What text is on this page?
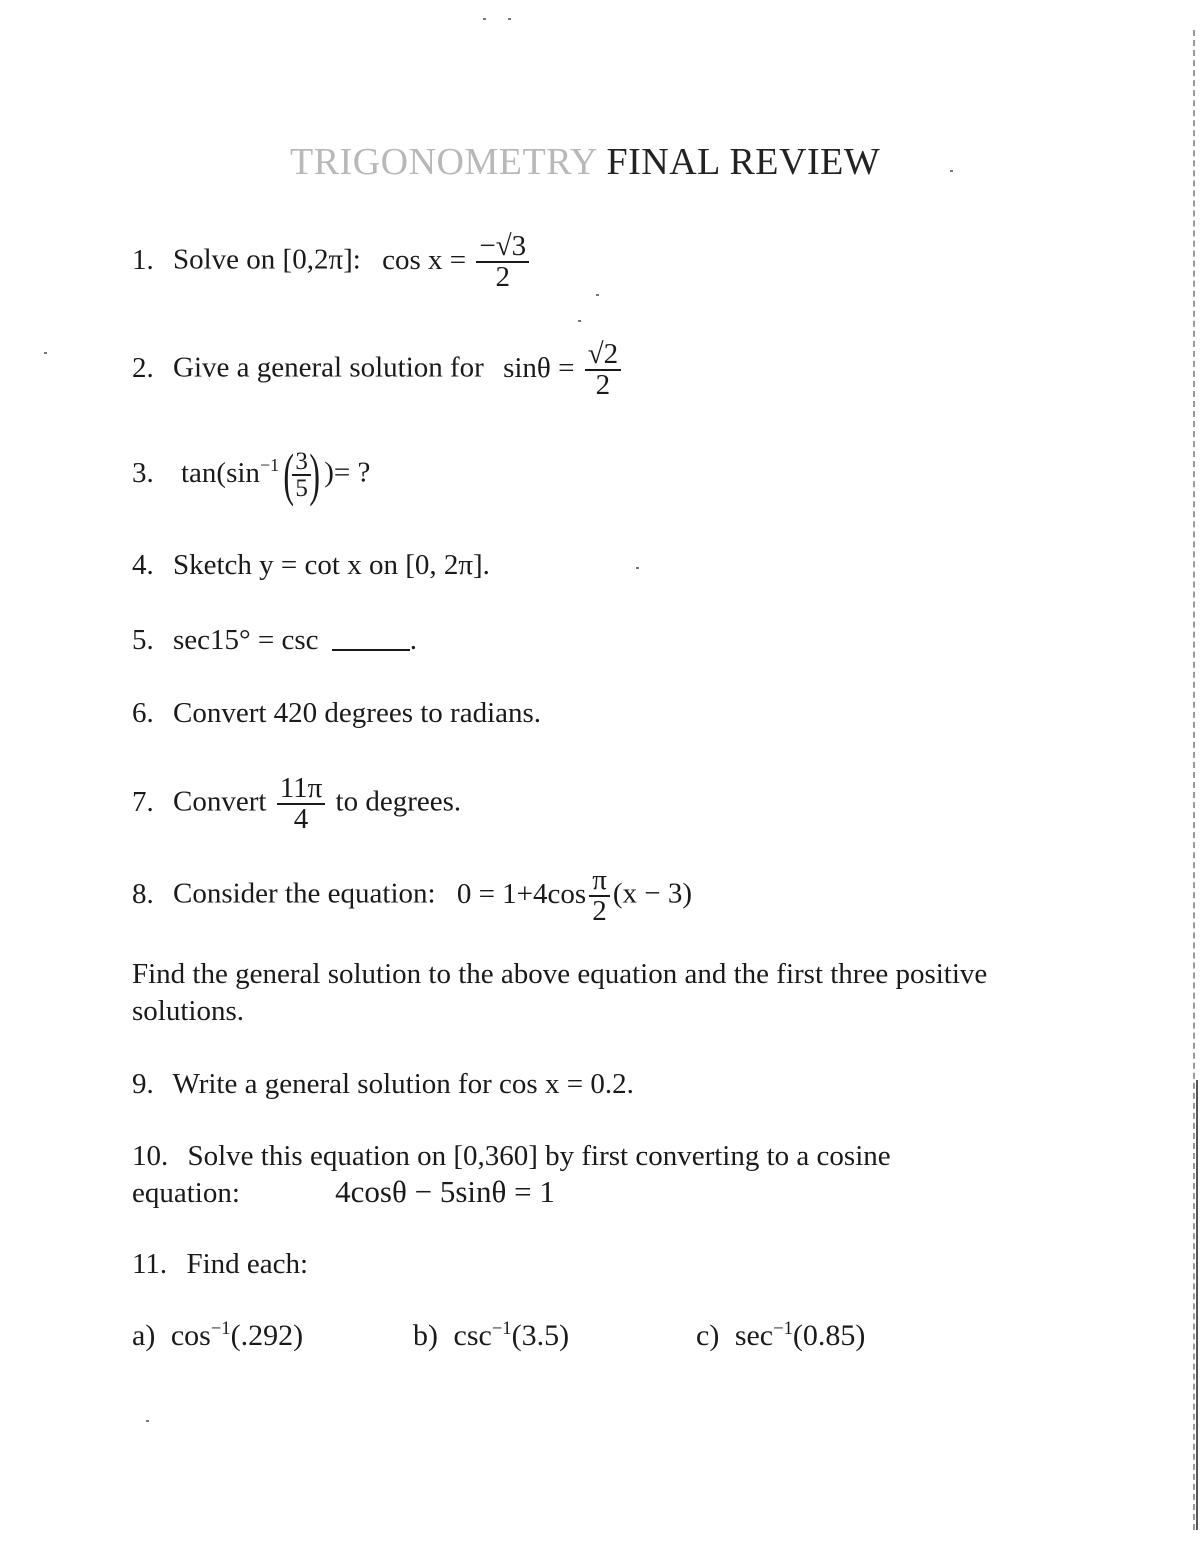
TRIGONOMETRY FINAL REVIEW
1. Solve on [0,2π]: $\cos x = \frac{-√3}{2}$
2. Give a general solution for $\sin\theta = \frac{√2}{2}$
3. $\tan(\sin^{-1}$(
$\frac{3}{5}$
) )= ?
4. Sketch y = cot x on [0, 2π].
5. sec15° = csc	.
6. Convert 420 degrees to radians.
7. Convert $\frac{11\pi}{4}$ to degrees.
8. Consider the equation: $0 = 1+4\cos \frac{\pi}{2} (x - 3)$
Find the general solution to the above equation and the first three positive solutions.
9. Write a general solution for cos x = 0.2.
10. Solve this equation on [0,360] by first converting to a cosine
equation:	4cosθ − 5sinθ = 1
11. Find each:
a) $\cos^{-1}(.292)$	b) $\csc^{-1}(3.5)$	c) $\sec^{-1}(0.85)$
